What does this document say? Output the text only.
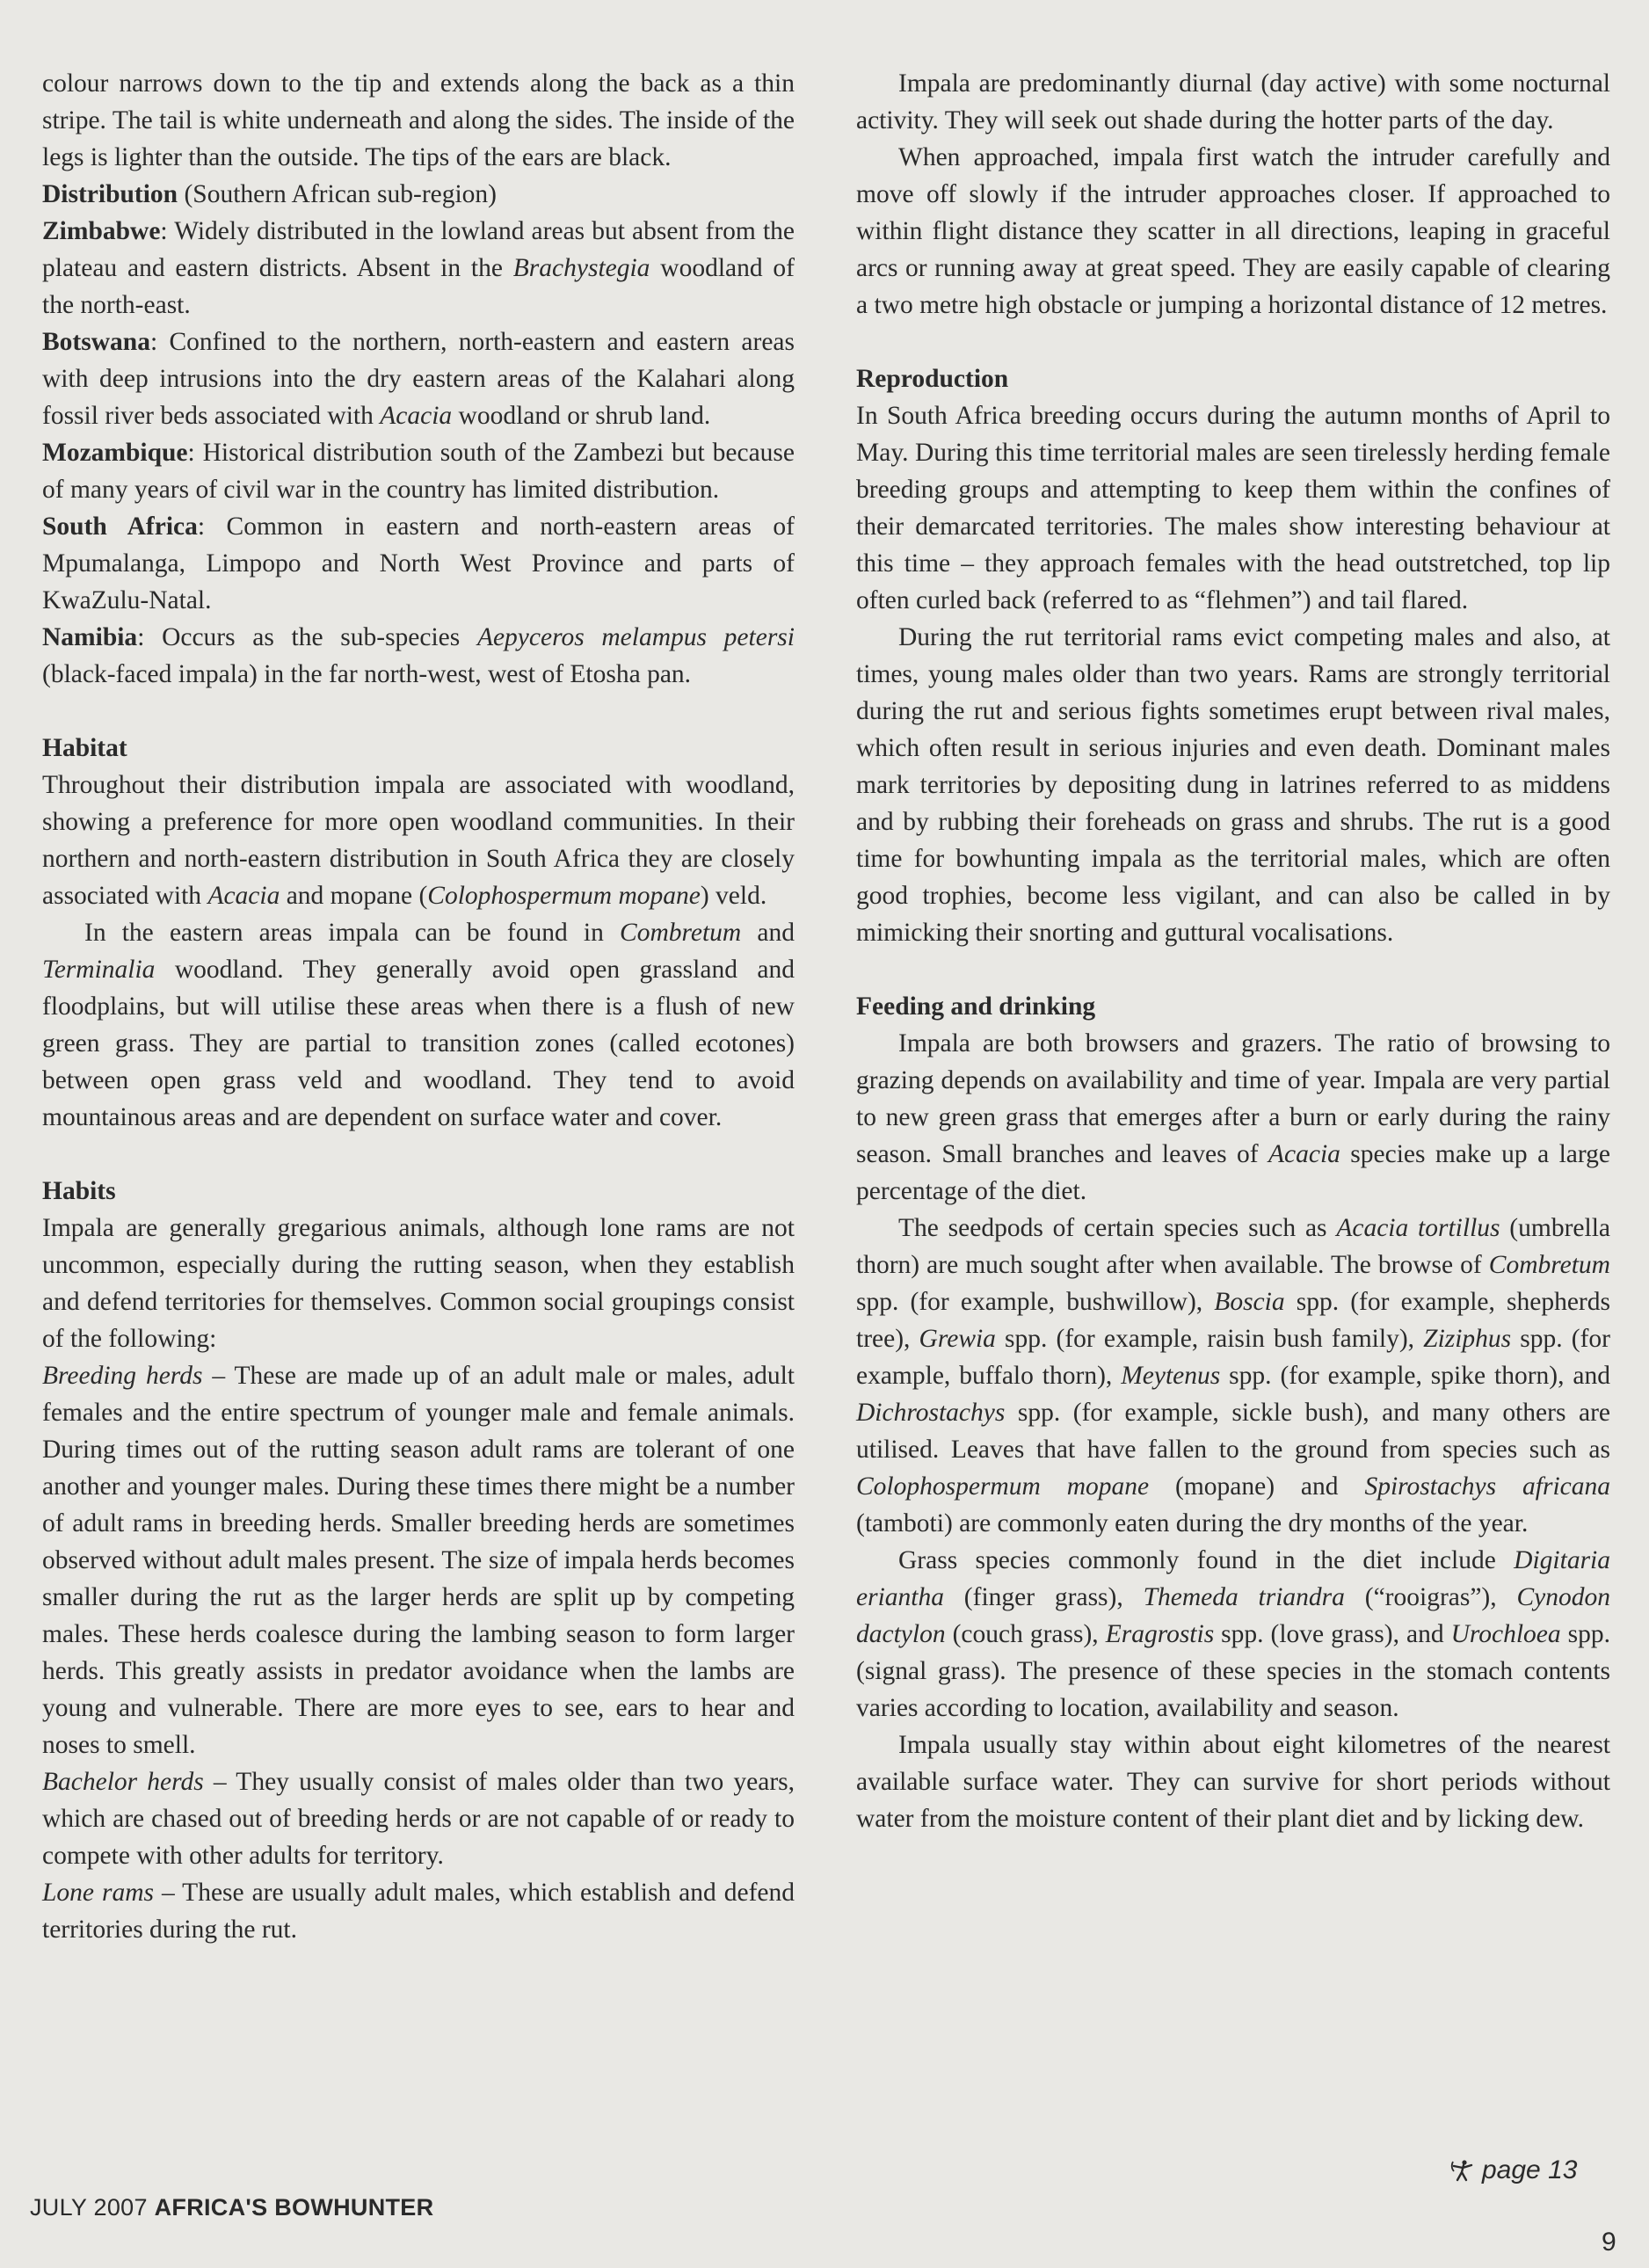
colour narrows down to the tip and extends along the back as a thin stripe. The tail is white underneath and along the sides. The inside of the legs is lighter than the outside. The tips of the ears are black.

Distribution (Southern African sub-region)

Zimbabwe: Widely distributed in the lowland areas but absent from the plateau and eastern districts. Absent in the Brachystegia woodland of the north-east.

Botswana: Confined to the northern, north-eastern and eastern areas with deep intrusions into the dry eastern areas of the Kalahari along fossil river beds associated with Acacia woodland or shrub land.

Mozambique: Historical distribution south of the Zambezi but because of many years of civil war in the country has limited distribution.

South Africa: Common in eastern and north-eastern areas of Mpumalanga, Limpopo and North West Province and parts of KwaZulu-Natal.

Namibia: Occurs as the sub-species Aepyceros melampus petersi (black-faced impala) in the far north-west, west of Etosha pan.

Habitat

Throughout their distribution impala are associated with woodland, showing a preference for more open woodland communities. In their northern and north-eastern distribution in South Africa they are closely associated with Acacia and mopane (Colophospermum mopane) veld.

In the eastern areas impala can be found in Combretum and Terminalia woodland. They generally avoid open grassland and floodplains, but will utilise these areas when there is a flush of new green grass. They are partial to transition zones (called ecotones) between open grass veld and woodland. They tend to avoid mountainous areas and are dependent on surface water and cover.

Habits

Impala are generally gregarious animals, although lone rams are not uncommon, especially during the rutting season, when they establish and defend territories for themselves. Common social groupings consist of the following:

Breeding herds – These are made up of an adult male or males, adult females and the entire spectrum of younger male and female animals. During times out of the rutting season adult rams are tolerant of one another and younger males. During these times there might be a number of adult rams in breeding herds. Smaller breeding herds are sometimes observed without adult males present. The size of impala herds becomes smaller during the rut as the larger herds are split up by competing males. These herds coalesce during the lambing season to form larger herds. This greatly assists in predator avoidance when the lambs are young and vulnerable. There are more eyes to see, ears to hear and noses to smell.

Bachelor herds – They usually consist of males older than two years, which are chased out of breeding herds or are not capable of or ready to compete with other adults for territory.

Lone rams – These are usually adult males, which establish and defend territories during the rut.

Impala are predominantly diurnal (day active) with some nocturnal activity. They will seek out shade during the hotter parts of the day.

When approached, impala first watch the intruder carefully and move off slowly if the intruder approaches closer. If approached to within flight distance they scatter in all directions, leaping in graceful arcs or running away at great speed. They are easily capable of clearing a two metre high obstacle or jumping a horizontal distance of 12 metres.

Reproduction

In South Africa breeding occurs during the autumn months of April to May. During this time territorial males are seen tirelessly herding female breeding groups and attempting to keep them within the confines of their demarcated territories. The males show interesting behaviour at this time – they approach females with the head outstretched, top lip often curled back (referred to as “flehmen”) and tail flared.

During the rut territorial rams evict competing males and also, at times, young males older than two years. Rams are strongly territorial during the rut and serious fights sometimes erupt between rival males, which often result in serious injuries and even death. Dominant males mark territories by depositing dung in latrines referred to as middens and by rubbing their foreheads on grass and shrubs. The rut is a good time for bowhunting impala as the territorial males, which are often good trophies, become less vigilant, and can also be called in by mimicking their snorting and guttural vocalisations.

Feeding and drinking

Impala are both browsers and grazers. The ratio of browsing to grazing depends on availability and time of year. Impala are very partial to new green grass that emerges after a burn or early during the rainy season. Small branches and leaves of Acacia species make up a large percentage of the diet.

The seedpods of certain species such as Acacia tortillus (umbrella thorn) are much sought after when available. The browse of Combretum spp. (for example, bushwillow), Boscia spp. (for example, shepherds tree), Grewia spp. (for example, raisin bush family), Ziziphus spp. (for example, buffalo thorn), Meytenus spp. (for example, spike thorn), and Dichrostachys spp. (for example, sickle bush), and many others are utilised. Leaves that have fallen to the ground from species such as Colophospermum mopane (mopane) and Spirostachys africana (tamboti) are commonly eaten during the dry months of the year.

Grass species commonly found in the diet include Digitaria eriantha (finger grass), Themeda triandra (“rooigras”), Cynodon dactylon (couch grass), Eragrostis spp. (love grass), and Urochloea spp. (signal grass). The presence of these species in the stomach contents varies according to location, availability and season.

Impala usually stay within about eight kilometres of the nearest available surface water. They can survive for short periods without water from the moisture content of their plant diet and by licking dew.

page 13
JULY 2007 AFRICA'S BOWHUNTER
9
